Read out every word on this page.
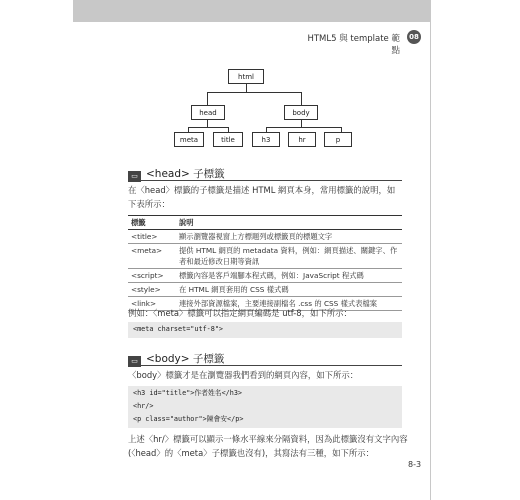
HTML5 與 template 範點
08
html
head	body
meta	title	h3	hr	p
▭ <head> 子標籤
在〈head〉標籤的子標籤是描述 HTML 網頁本身，常用標籤的說明，如下表所示：
標籤	說明
<title>	顯示瀏覽器視窗上方標題列或標籤頁的標題文字
<meta>	提供 HTML 網頁的 metadata 資料，例如：網頁描述、關鍵字、作者和最近修改日期等資訊
<script>	標籤內容是客戶端腳本程式碼，例如：JavaScript 程式碼
<style>	在 HTML 網頁套用的 CSS 樣式碼
<link>	連接外部資源檔案，主要連接副檔名 .css 的 CSS 樣式表檔案
例如：〈meta〉標籤可以指定網頁編碼是 utf-8，如下所示：
<meta charset="utf-8">
▭ <body> 子標籤
〈body〉標籤才是在瀏覽器我們看到的網頁內容，如下所示：
<h3 id="title">作者姓名</h3>
<hr/>
<p class="author">陳會安</p>
上述〈hr/〉標籤可以顯示一條水平線來分隔資料，因為此標籤沒有文字內容
(〈head〉的〈meta〉子標籤也沒有)，其寫法有三種，如下所示：
8-3
